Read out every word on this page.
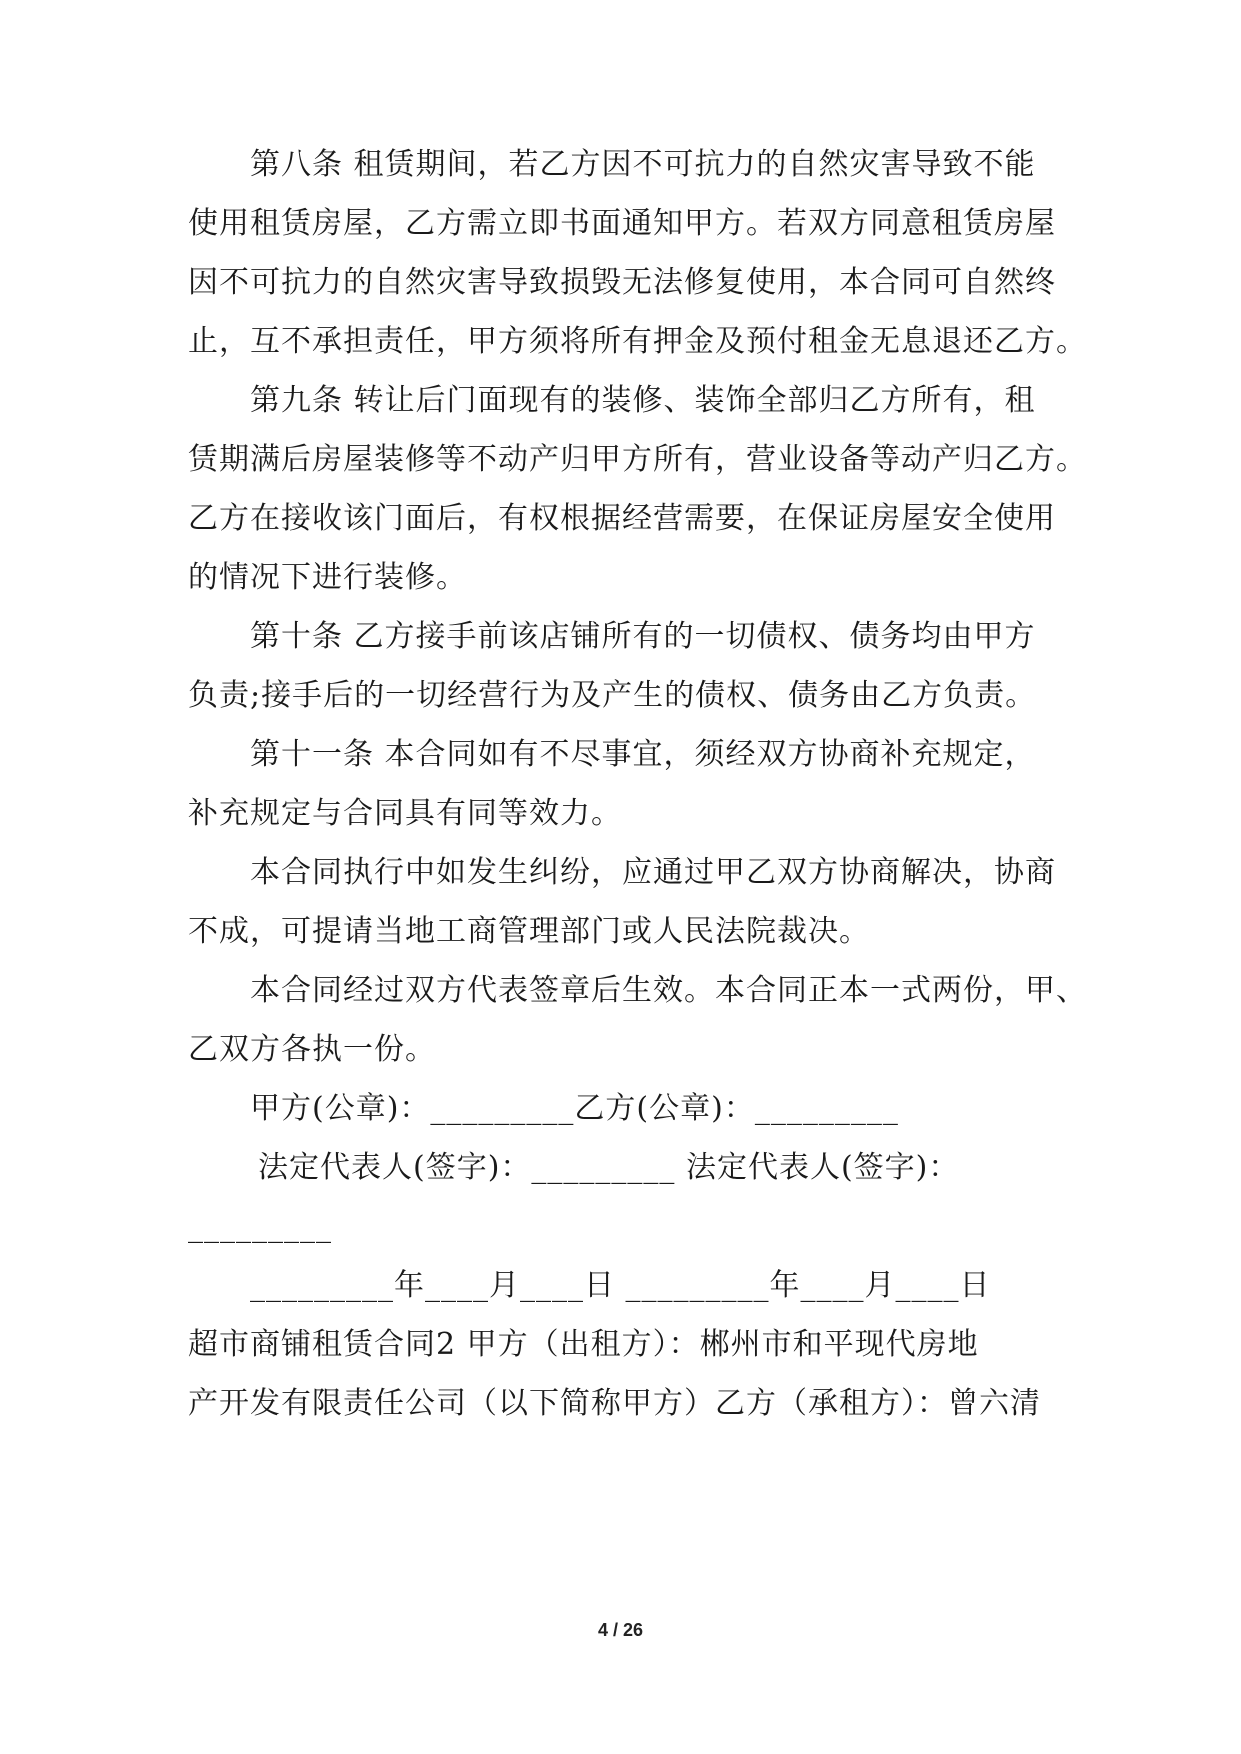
第八条 租赁期间，若乙方因不可抗力的自然灾害导致不能
使用租赁房屋，乙方需立即书面通知甲方。若双方同意租赁房屋
因不可抗力的自然灾害导致损毁无法修复使用，本合同可自然终
止，互不承担责任，甲方须将所有押金及预付租金无息退还乙方。
第九条 转让后门面现有的装修、装饰全部归乙方所有，租
赁期满后房屋装修等不动产归甲方所有，营业设备等动产归乙方。
乙方在接收该门面后，有权根据经营需要，在保证房屋安全使用
的情况下进行装修。
第十条 乙方接手前该店铺所有的一切债权、债务均由甲方
负责;接手后的一切经营行为及产生的债权、债务由乙方负责。
第十一条 本合同如有不尽事宜，须经双方协商补充规定，
补充规定与合同具有同等效力。
本合同执行中如发生纠纷，应通过甲乙双方协商解决，协商
不成，可提请当地工商管理部门或人民法院裁决。
本合同经过双方代表签章后生效。本合同正本一式两份，甲、
乙双方各执一份。
甲方(公章)：_________乙方(公章)：_________
法定代表人(签字)：_________ 法定代表人(签字)：
_________
_________年____月____日 _________年____月____日
超市商铺租赁合同2 甲方（出租方）：郴州市和平现代房地
产开发有限责任公司（以下简称甲方）乙方（承租方）：曾六清
4 / 26
